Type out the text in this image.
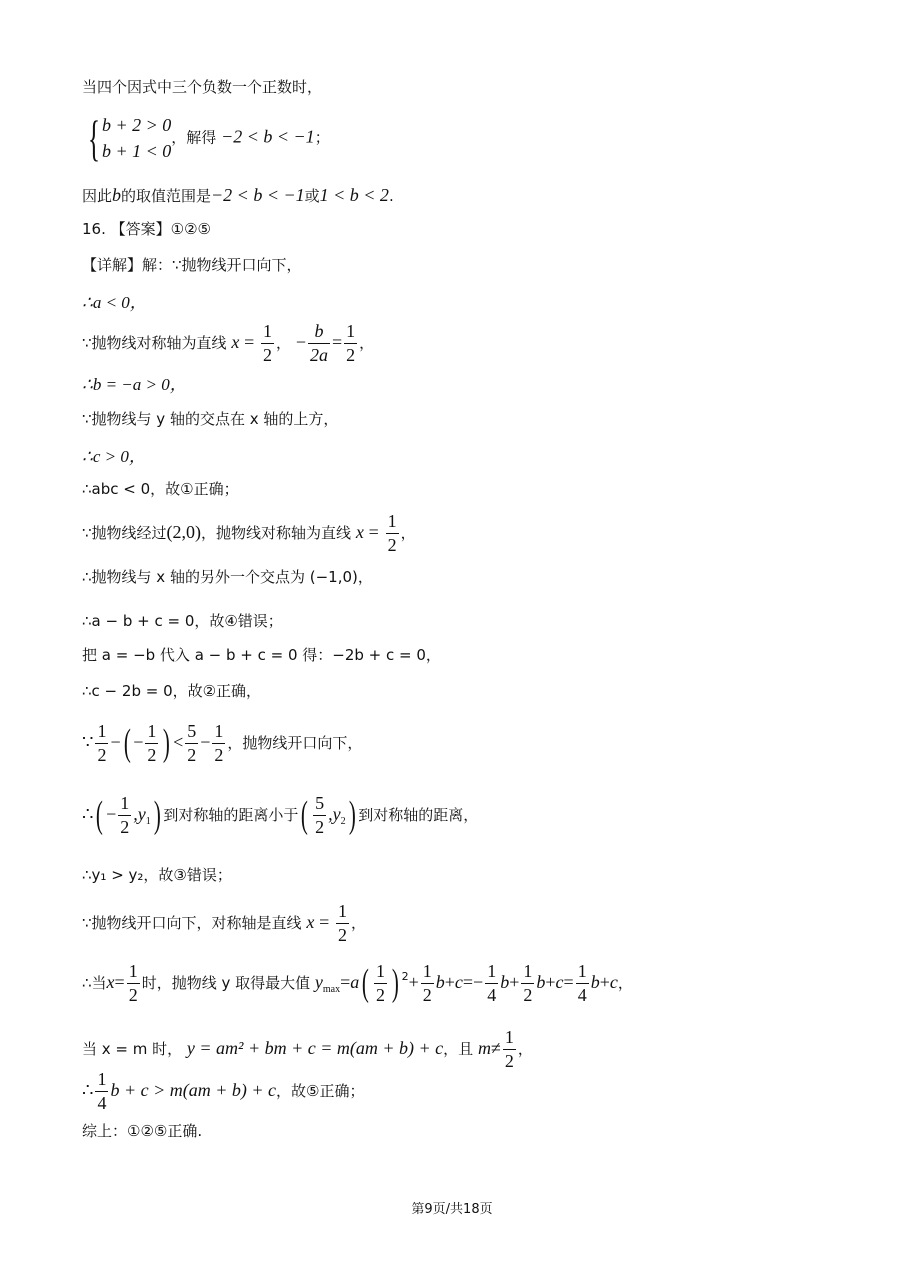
当四个因式中三个负数一个正数时，
{ b + 2 > 0
b + 1 < 0
，解得 −2 < b < −1；
因此b的取值范围是−2 < b < −1或1 < b < 2.
16. 【答案】①②⑤
【详解】解：∵抛物线开口向下，
∴a < 0，
∵抛物线对称轴为直线 $x = \frac{1}{2}$ ， − $\frac{b}{2a} = \frac{1}{2}$ ，
∴b = −a > 0，
∵抛物线与 y 轴的交点在 x 轴的上方，
∴c > 0，
∴abc < 0，故①正确；
∵抛物线经过(2,0)，抛物线对称轴为直线 $x = \frac{1}{2}$ ，
∴抛物线与 x 轴的另外一个交点为 (−1,0)，
∴a − b + c = 0，故④错误；
把 a = −b 代入 a − b + c = 0 得：−2b + c = 0，
∴c − 2b = 0，故②正确，
∵ $\frac{1}{2}$ −( − $\frac{1}{2}$ ) < $\frac{5}{2} - \frac{1}{2}$ ，抛物线开口向下，
∴( − $\frac{1}{2} ,y_1$) 到对称轴的距离小于( $\frac{5}{2} ,y_2$) 到对称轴的距离，
∴y₁ > y₂，故③错误；
∵抛物线开口向下，对称轴是直线 $x = \frac{1}{2}$ ，
∴当$x= \frac{1}{2}$ 时，抛物线 y 取得最大值 $y_{max}=a( \frac{1}{2}$ ) $^2+ \frac{1}{2} b+c=- \frac{1}{4} b+ \frac{1}{2} b+c= \frac{1}{4} b+c$，
当 x = m 时， y = am² + bm + c = m(am + b) + c，且 $m\ne \frac{1}{2}$ ，
∴ $\frac{1}{4}$ b + c > m(am + b) + c，故⑤正确；
综上：①②⑤正确.
第9页/共18页
